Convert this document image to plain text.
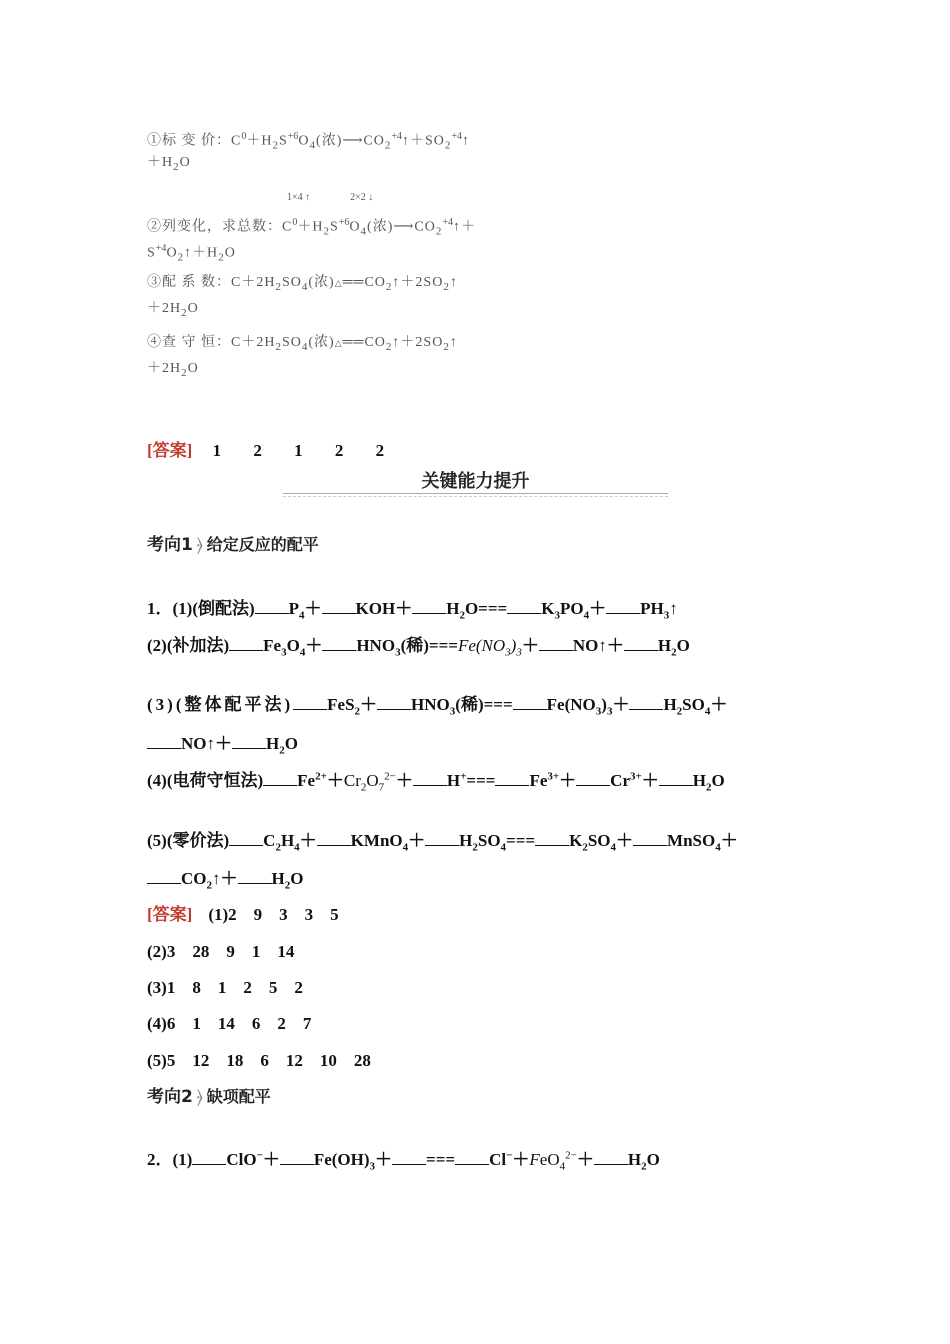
①标 变 价：$C^0+H_2S^{+6}O_4$(浓)$⟶CO_2^{+4}↑+SO_2^{+4}↑$
$+H_2O$
1×4 ↑	2×2 ↓
②列变化，求总数：$C^0+H_2S^{+6}O_4$(浓)$⟶CO_2^{+4}↑+$
$S^{+4}O_2↑+H_2O$
③配 系 数：$C+2H_2SO_4$(浓)$\triangle══CO_2↑+2SO_2↑$
$+2H_2O$
④查 守 恒：$C+2H_2SO_4$(浓)$\triangle══CO_2↑+2SO_2↑$
$+2H_2O$
[答案] 1 2 1 2 2
关键能力提升
考向1 ⦒ 给定反应的配平
1．(1)(倒配法) $P_4+ KOH+ H_2O=== K_3PO_4+$ $PH_3↑$
(2)(补加法) $Fe_3O_4+ HNO_3$(稀)$===Fe(NO_3)_3+$ NO↑＋ $H_2O$
(3)(整体配平法) $FeS_2+ HNO_3$(稀)=== $Fe(NO_3)_3+ H_2SO_4+$
NO↑＋ $H_2O$
(4)(电荷守恒法) $Fe^{2+}+Cr_2O_7^{2-}+ H^+=== Fe^{3+}+ Cr^{3+}+ H_2O$
(5)(零价法) $C_2H_4+$ KMnO$_4$＋ $H_2SO_4=== K_2SO_4+$ MnSO$_4$＋
$CO_2↑+ H_2O$
[答案] (1)2　9　3　3　5
(2)3　28　9　1　14
(3)1　8　1　2　5　2
(4)6　1　14　6　2　7
(5)5　12　18　6　12　10　28
考向2 ⦒ 缺项配平
2．(1) $ClO^-+ Fe(OH)_3+$ === $Cl^-+FeO_4^{2-}+ H_2O$
